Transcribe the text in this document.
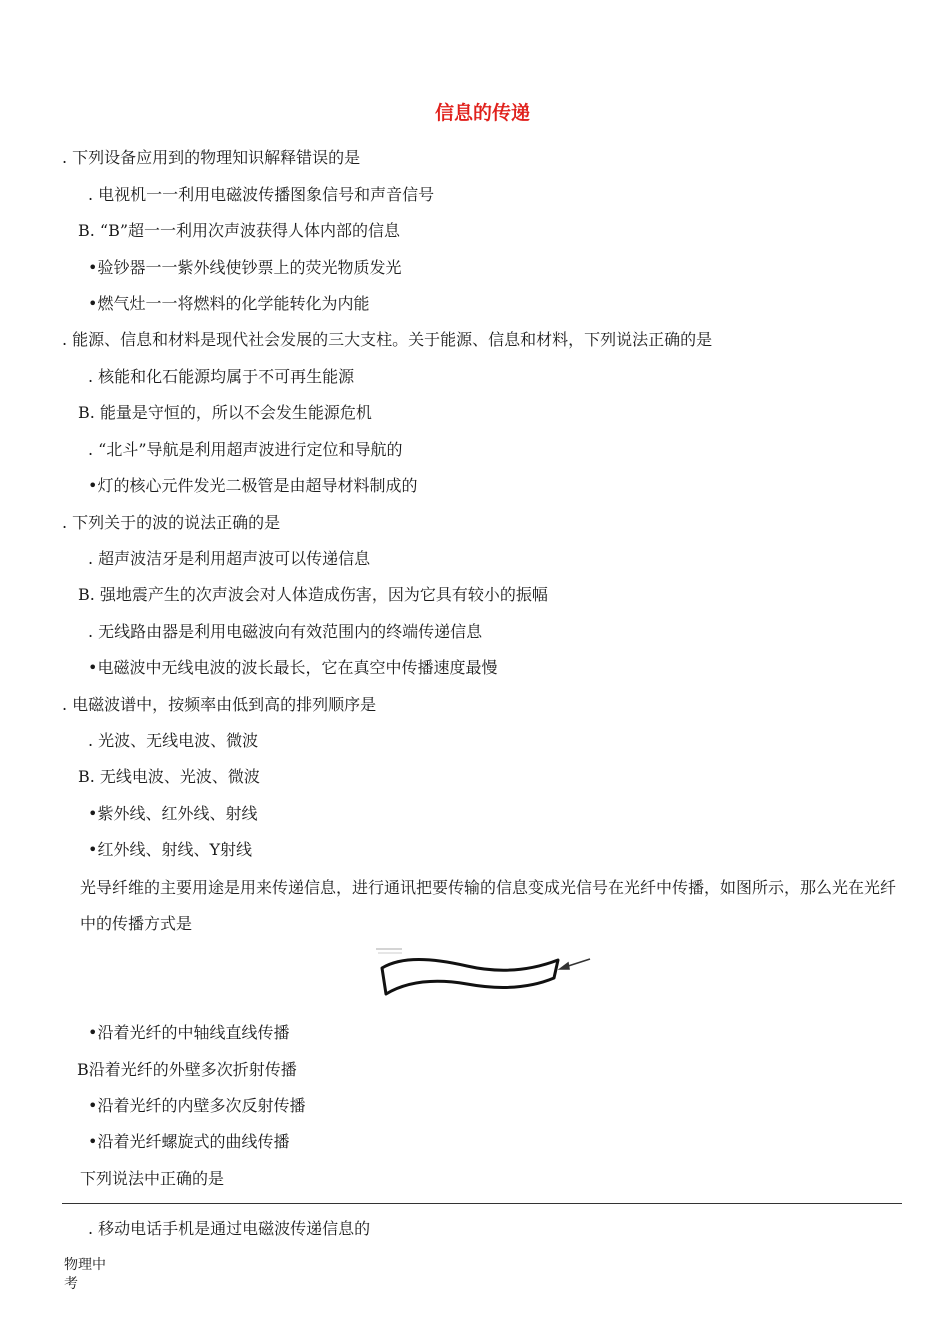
信息的传递
. 下列设备应用到的物理知识解释错误的是
. 电视机一一利用电磁波传播图象信号和声音信号
B. “B”超一一利用次声波获得人体内部的信息
•验钞器一一紫外线使钞票上的荧光物质发光
•燃气灶一一将燃料的化学能转化为内能
. 能源、信息和材料是现代社会发展的三大支柱。关于能源、信息和材料，下列说法正确的是
. 核能和化石能源均属于不可再生能源
B. 能量是守恒的，所以不会发生能源危机
. “北斗”导航是利用超声波进行定位和导航的
•灯的核心元件发光二极管是由超导材料制成的
. 下列关于的波的说法正确的是
. 超声波洁牙是利用超声波可以传递信息
B. 强地震产生的次声波会对人体造成伤害，因为它具有较小的振幅
. 无线路由器是利用电磁波向有效范围内的终端传递信息
•电磁波中无线电波的波长最长，它在真空中传播速度最慢
. 电磁波谱中，按频率由低到高的排列顺序是
. 光波、无线电波、微波
B. 无线电波、光波、微波
•紫外线、红外线、射线
•红外线、射线、Y射线
光导纤维的主要用途是用来传递信息，进行通讯把要传输的信息变成光信号在光纤中传播，如图所示，那么光在光纤中的传播方式是
•沿着光纤的中轴线直线传播
B沿着光纤的外壁多次折射传播
•沿着光纤的内壁多次反射传播
•沿着光纤螺旋式的曲线传播
下列说法中正确的是
. 移动电话手机是通过电磁波传递信息的
物理中
考
